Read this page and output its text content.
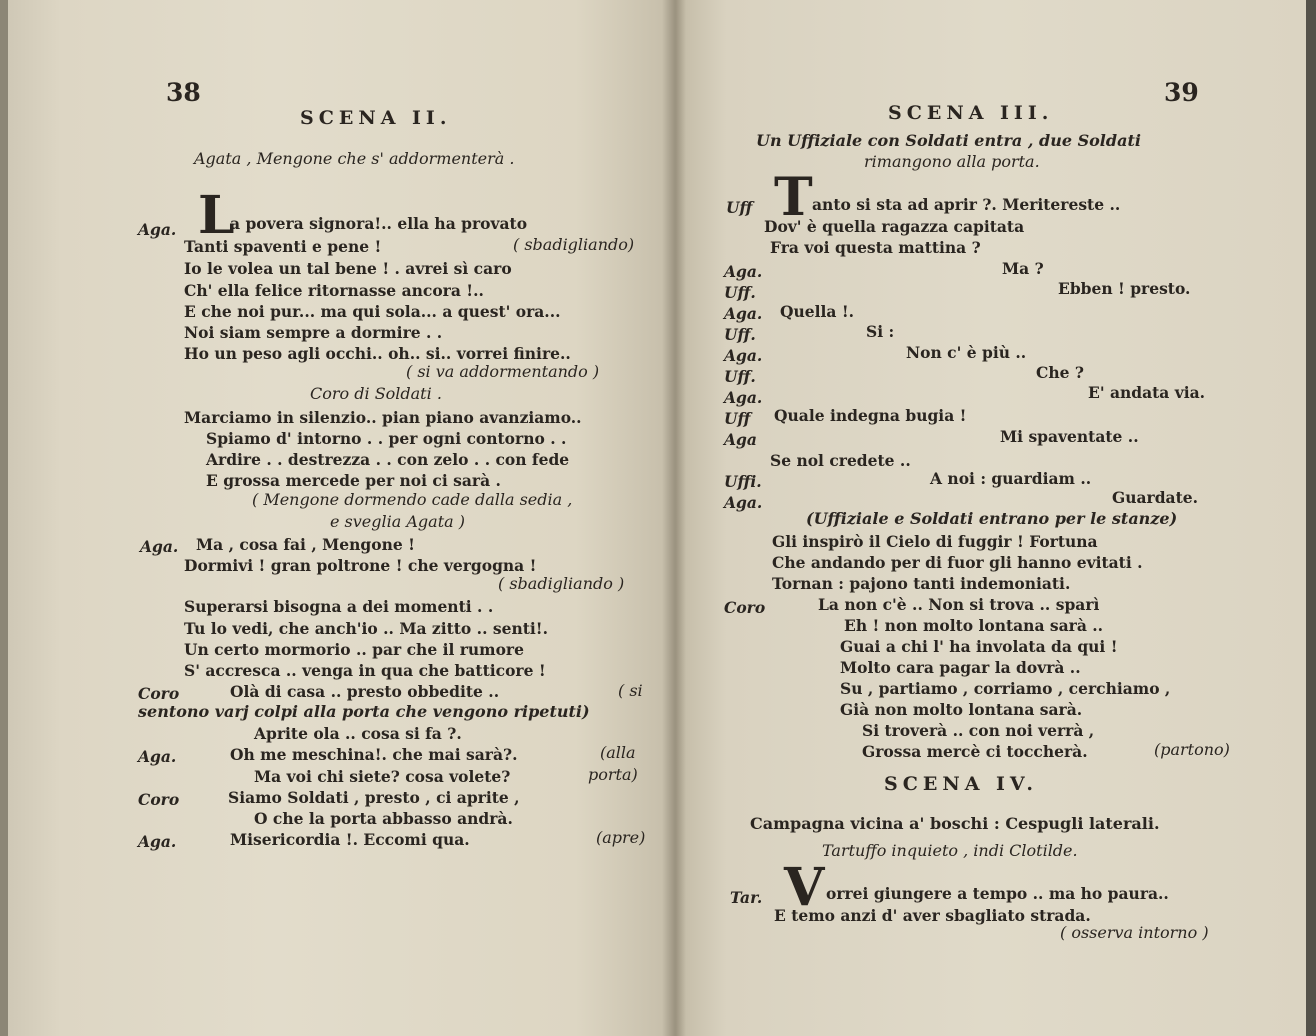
38
SCENA II.
Agata , Mengone che s' addormenterà .
Aga. L
a povera signora!.. ella ha provato
Tanti spaventi e pene !	( sbadigliando)
Io le volea un tal bene ! . avrei sì caro
Ch' ella felice ritornasse ancora !..
E che noi pur... ma qui sola... a quest' ora...
Noi siam sempre a dormire . .
Ho un peso agli occhi.. oh.. si.. vorrei finire..
( si va addormentando )
Coro di Soldati .
Marciamo in silenzio.. pian piano avanziamo..
Spiamo d' intorno . . per ogni contorno . .
Ardire . . destrezza . . con zelo . . con fede
E grossa mercede per noi ci sarà .
( Mengone dormendo cade dalla sedia ,
e sveglia Agata )
Aga. Ma , cosa fai , Mengone !
Dormivi ! gran poltrone ! che vergogna !
( sbadigliando )
Superarsi bisogna a dei momenti . .
Tu lo vedi, che anch'io .. Ma zitto .. senti!.
Un certo mormorio .. par che il rumore
S' accresca .. venga in qua che batticore !
Coro	Olà di casa .. presto obbedite ..	( si
sentono varj colpi alla porta che vengono ripetuti)
Aprite ola .. cosa si fa ?.
Aga.	Oh me meschina!. che mai sarà?.	(alla
Ma voi chi siete? cosa volete?	porta)
Coro	Siamo Soldati , presto , ci aprite ,
O che la porta abbasso andrà.
Aga.	Misericordia !. Eccomi qua.	(apre)
39
SCENA III.
Un Uffiziale con Soldati entra , due Soldati
rimangono alla porta.
Uff T anto si sta ad aprir ?. Meritereste ..
Dov' è quella ragazza capitata
Fra voi questa mattina ?
Aga.	Ma ?
Uff.	Ebben ! presto.
Aga. Quella !.
Uff.	Si :
Aga.	Non c' è più ..
Uff.	Che ?
Aga.	E' andata via.
Uff Quale indegna bugia !
Aga	Mi spaventate ..
Se nol credete ..
Uffi.	A noi : guardiam ..
Aga.	Guardate.
(Uffiziale e Soldati entrano per le stanze)
Gli inspirò il Cielo di fuggir ! Fortuna
Che andando per di fuor gli hanno evitati .
Tornan : pajono tanti indemoniati.
Coro	La non c'è .. Non si trova .. sparì
Eh ! non molto lontana sarà ..
Guai a chi l' ha involata da qui !
Molto cara pagar la dovrà ..
Su , partiamo , corriamo , cerchiamo ,
Già non molto lontana sarà.
Si troverà .. con noi verrà ,
Grossa mercè ci toccherà.	(partono)
SCENA IV.
Campagna vicina a' boschi : Cespugli laterali.
Tartuffo inquieto , indi Clotilde.
Tar. V orrei giungere a tempo .. ma ho paura..
E temo anzi d' aver sbagliato strada.
( osserva intorno )
